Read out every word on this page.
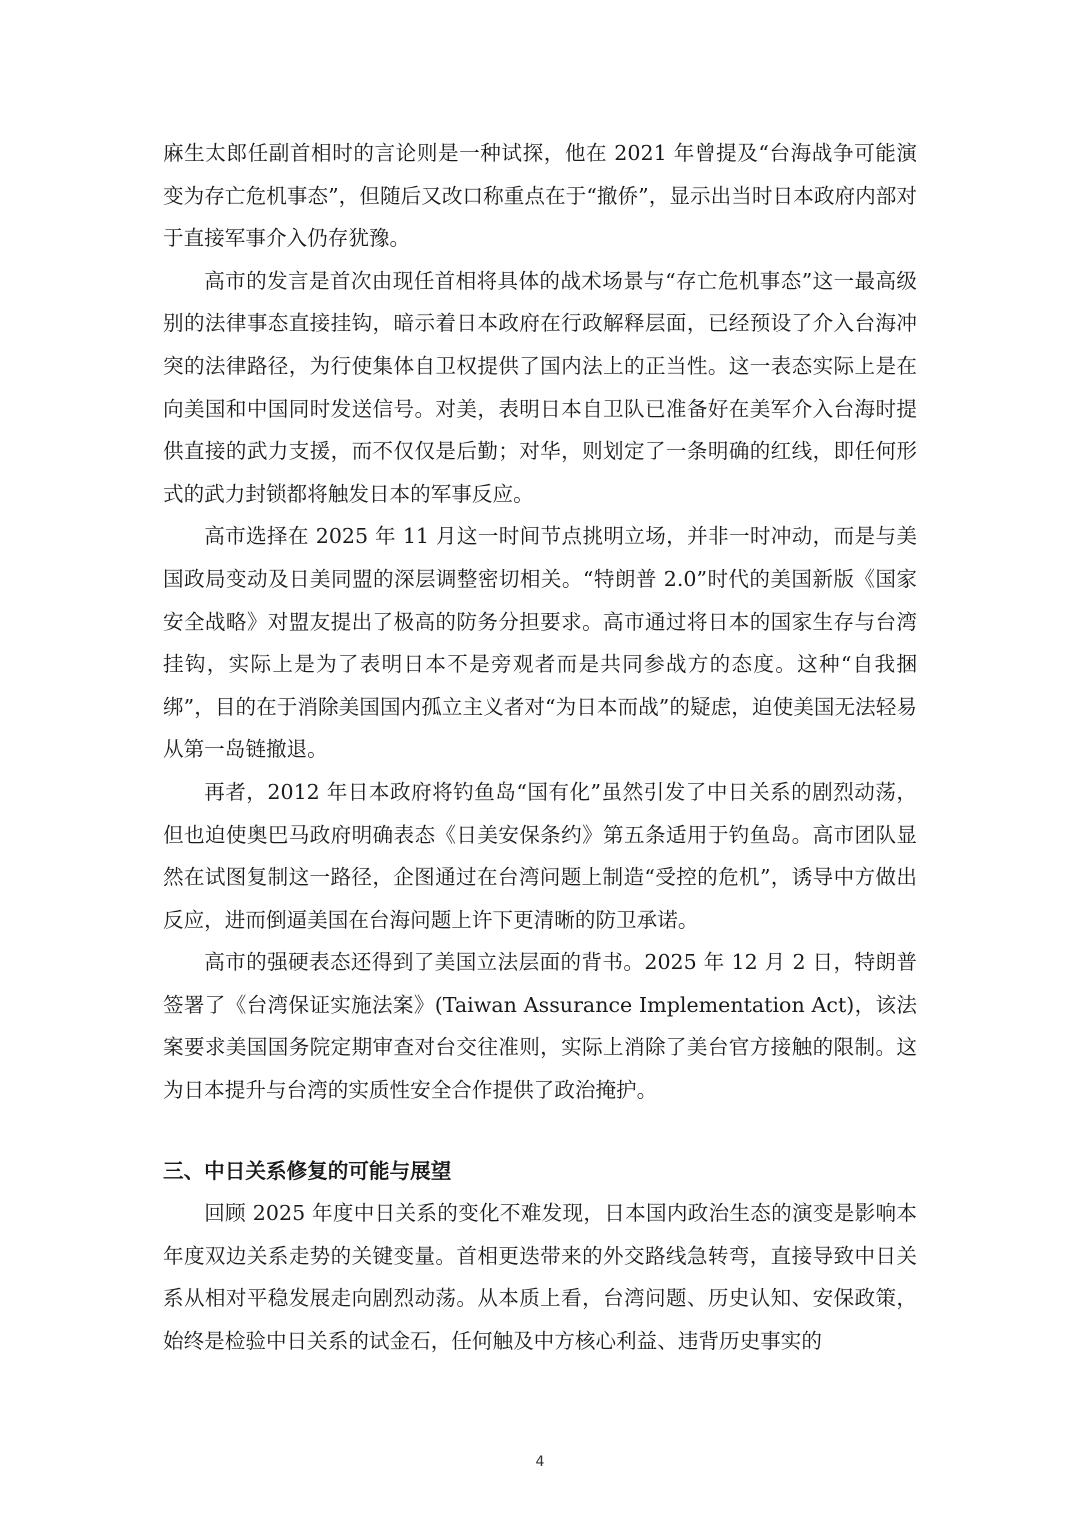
麻生太郎任副首相时的言论则是一种试探，他在 2021 年曾提及“台海战争可能演变为存亡危机事态”，但随后又改口称重点在于“撤侨”，显示出当时日本政府内部对于直接军事介入仍存犹豫。

高市的发言是首次由现任首相将具体的战术场景与“存亡危机事态”这一最高级别的法律事态直接挂钩，暗示着日本政府在行政解释层面，已经预设了介入台海冲突的法律路径，为行使集体自卫权提供了国内法上的正当性。这一表态实际上是在向美国和中国同时发送信号。对美，表明日本自卫队已准备好在美军介入台海时提供直接的武力支援，而不仅仅是后勤；对华，则划定了一条明确的红线，即任何形式的武力封锁都将触发日本的军事反应。

高市选择在 2025 年 11 月这一时间节点挑明立场，并非一时冲动，而是与美国政局变动及日美同盟的深层调整密切相关。“特朗普 2.0”时代的美国新版《国家安全战略》对盟友提出了极高的防务分担要求。高市通过将日本的国家生存与台湾挂钩，实际上是为了表明日本不是旁观者而是共同参战方的态度。这种“自我捆绑”，目的在于消除美国国内孤立主义者对“为日本而战”的疑虑，迫使美国无法轻易从第一岛链撤退。

再者，2012 年日本政府将钓鱼岛“国有化”虽然引发了中日关系的剧烈动荡，但也迫使奥巴马政府明确表态《日美安保条约》第五条适用于钓鱼岛。高市团队显然在试图复制这一路径，企图通过在台湾问题上制造“受控的危机”，诱导中方做出反应，进而倒逼美国在台海问题上许下更清晰的防卫承诺。

高市的强硬表态还得到了美国立法层面的背书。2025 年 12 月 2 日，特朗普签署了《台湾保证实施法案》(Taiwan Assurance Implementation Act)，该法案要求美国国务院定期审查对台交往准则，实际上消除了美台官方接触的限制。这为日本提升与台湾的实质性安全合作提供了政治掩护。

三、中日关系修复的可能与展望

回顾 2025 年度中日关系的变化不难发现，日本国内政治生态的演变是影响本年度双边关系走势的关键变量。首相更迭带来的外交路线急转弯，直接导致中日关系从相对平稳发展走向剧烈动荡。从本质上看，台湾问题、历史认知、安保政策，始终是检验中日关系的试金石，任何触及中方核心利益、违背历史事实的

4
